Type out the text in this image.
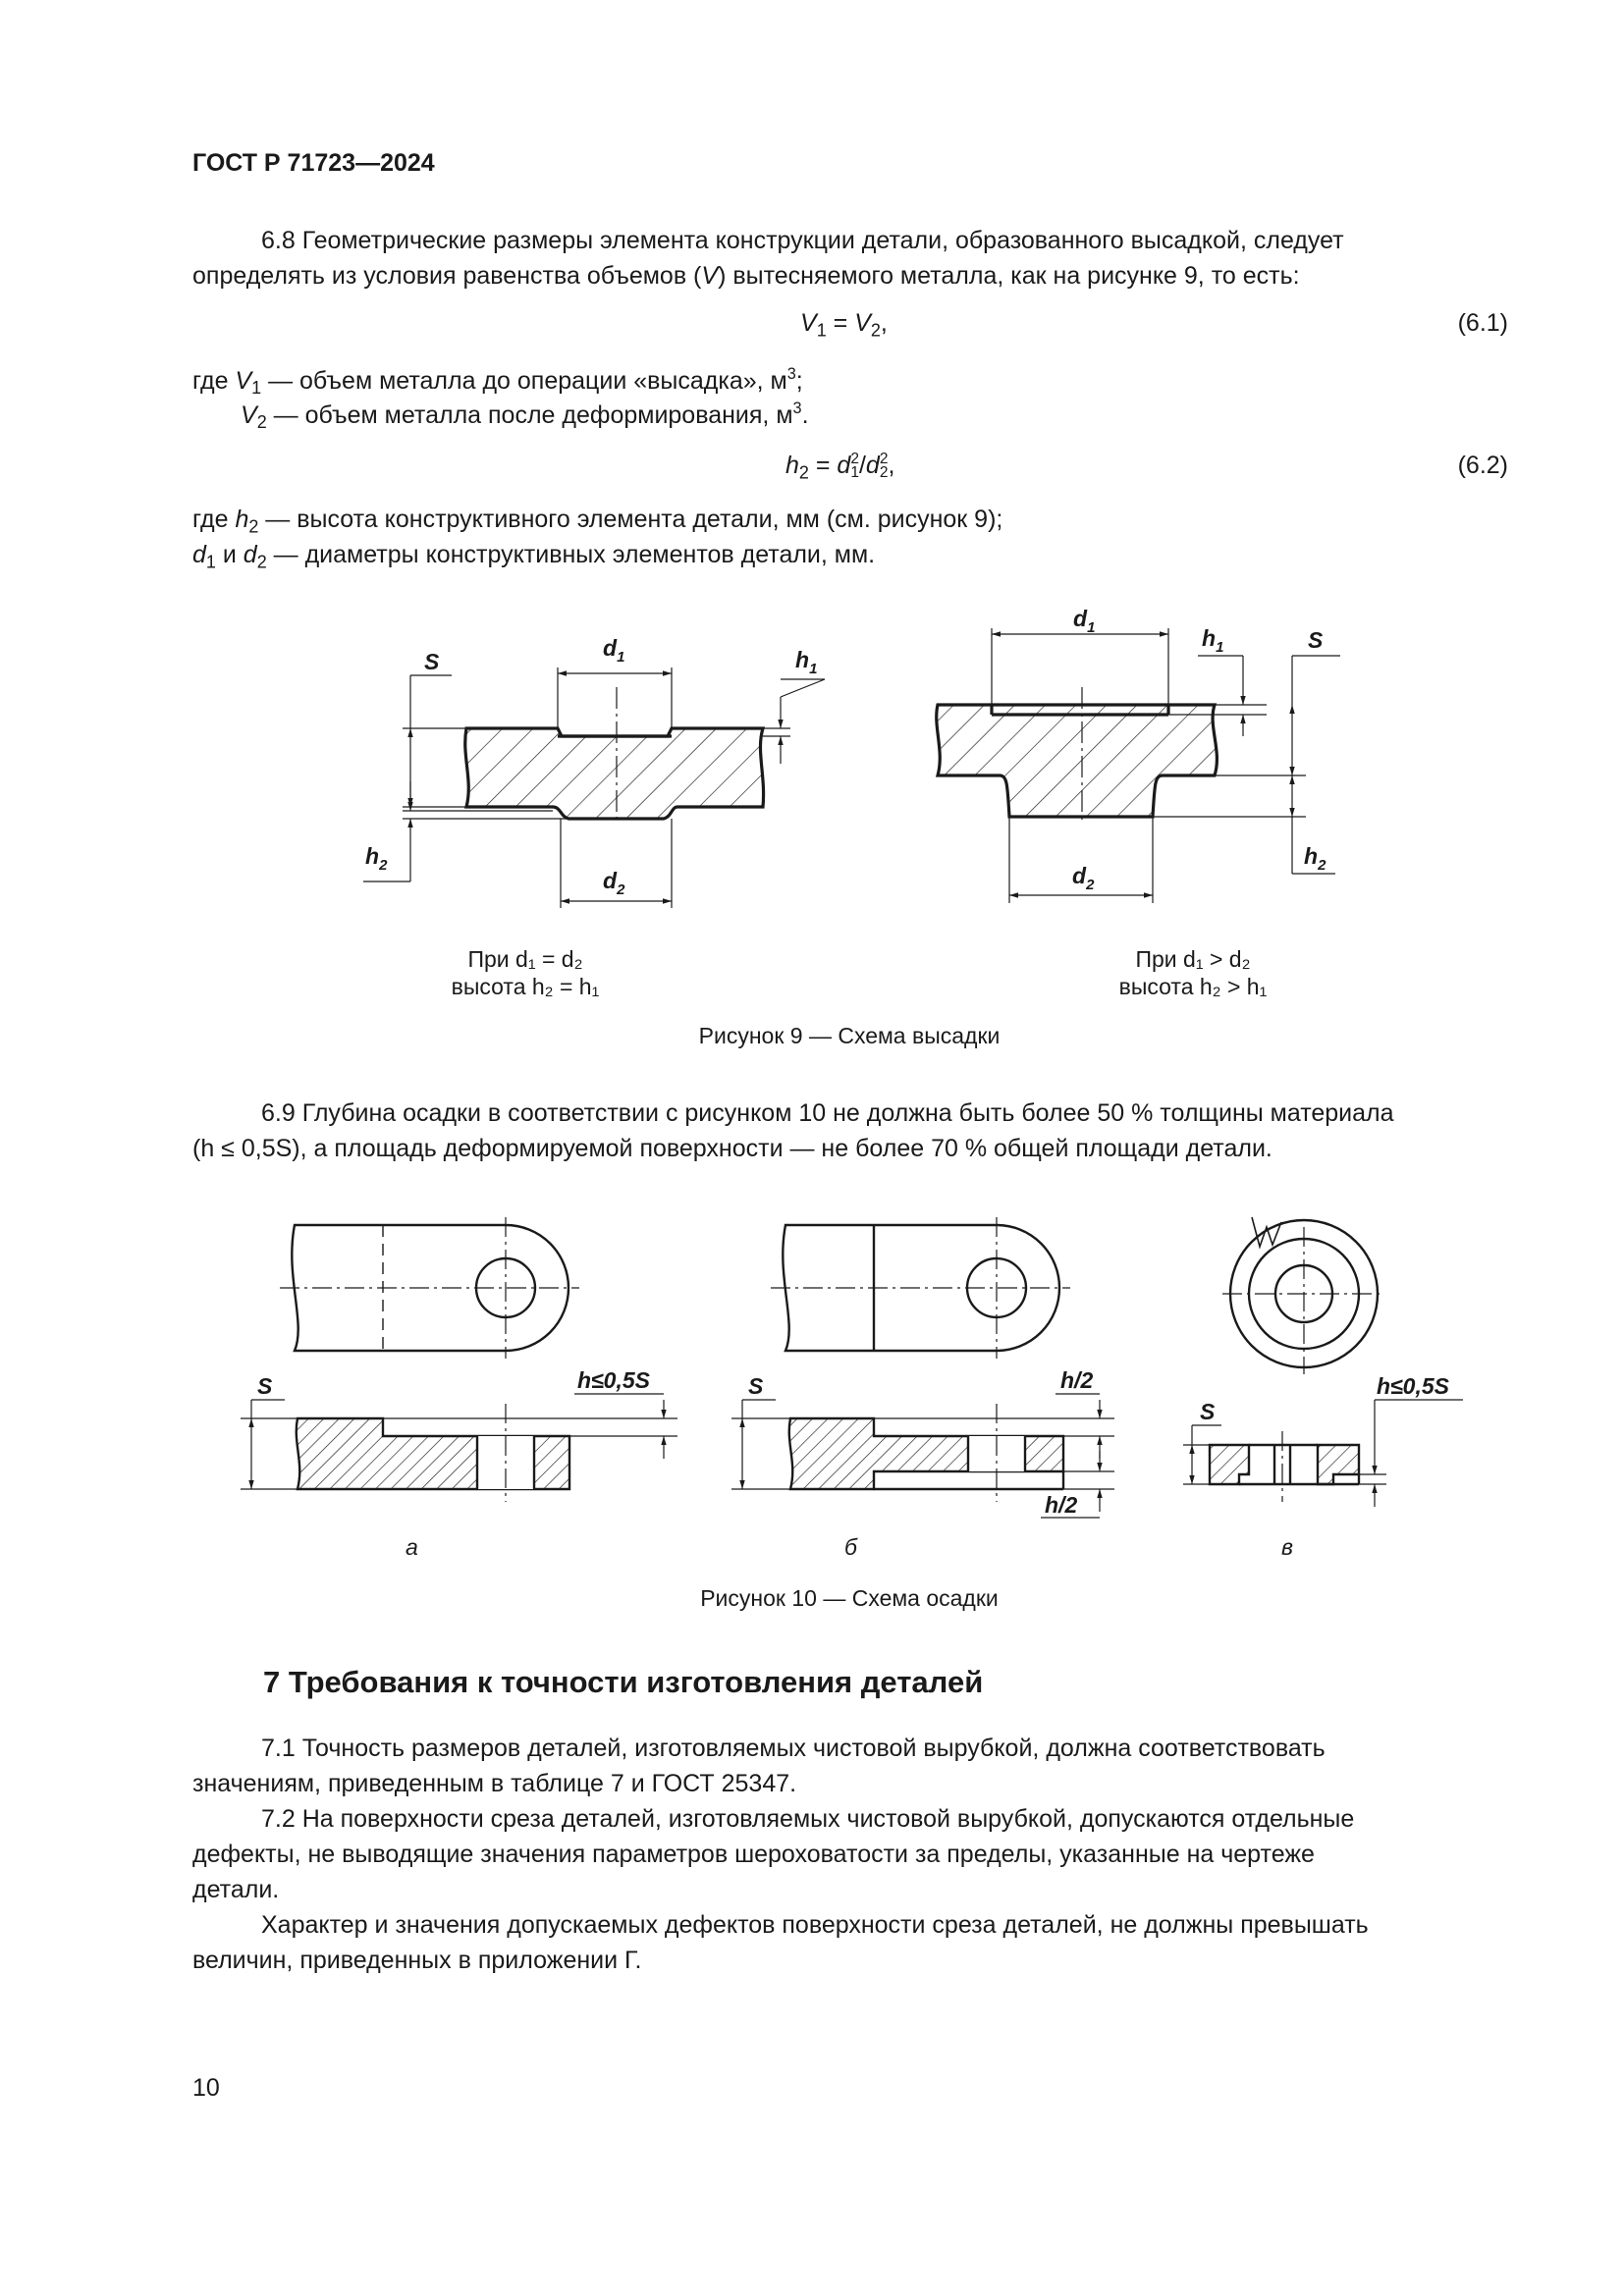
ГОСТ Р 71723—2024
6.8 Геометрические размеры элемента конструкции детали, образованного высадкой, следует
определять из условия равенства объемов (V) вытесняемого металла, как на рисунке 9, то есть:
$V_1 = V_2$,	(6.1)
где $V_1$ — объем металла до операции «высадка», $м^3$;
$V_2$ — объем металла после деформирования, $м^3$.
$h_2 = d$ 2
1 /d 2
2 ,	(6.2)
где $h_2$ — высота конструктивного элемента детали, мм (см. рисунок 9);
$d_1$ и $d_2$ — диаметры конструктивных элементов детали, мм.
S
$d_1$	$h_1$
$h_2$
$d_2$
$d_1$	$h_1$	S
$h_2$
$d_2$
При d₁ = d₂
высота h₂ = h₁
При d₁ > d₂
высота h₂ > h₁
Рисунок 9 — Схема высадки
6.9 Глубина осадки в соответствии с рисунком 10 не должна быть более 50 % толщины материала
(h ≤ 0,5S), а площадь деформируемой поверхности — не более 70 % общей площади детали.
S	h≤0,5S	S	h/2
h/2
S
h≤0,5S
а	б	в
Рисунок 10 — Схема осадки
7 Требования к точности изготовления деталей
7.1 Точность размеров деталей, изготовляемых чистовой вырубкой, должна соответствовать
значениям, приведенным в таблице 7 и ГОСТ 25347.
7.2 На поверхности среза деталей, изготовляемых чистовой вырубкой, допускаются отдельные
дефекты, не выводящие значения параметров шероховатости за пределы, указанные на чертеже
детали.
Характер и значения допускаемых дефектов поверхности среза деталей, не должны превышать
величин, приведенных в приложении Г.
10
